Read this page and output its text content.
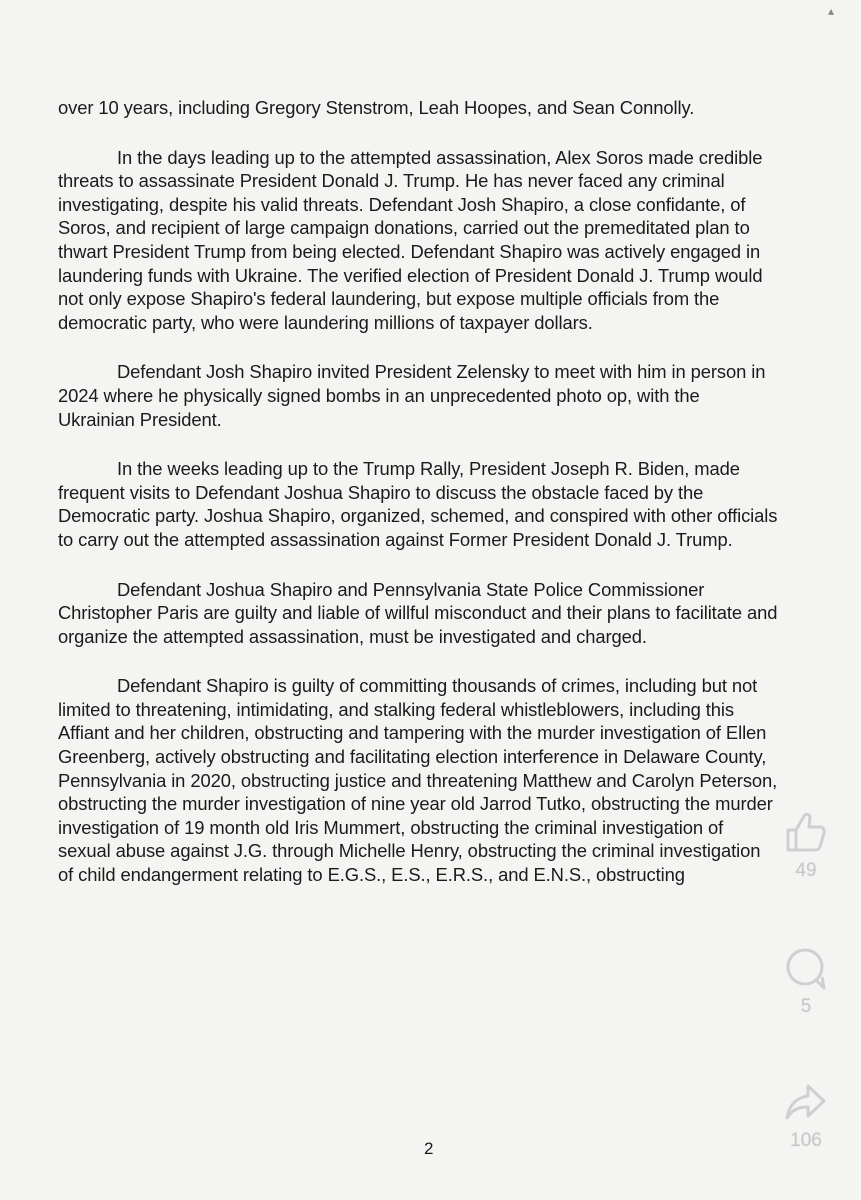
▴

over 10 years, including Gregory Stenstrom, Leah Hoopes, and Sean Connolly.

In the days leading up to the attempted assassination, Alex Soros made credible threats to assassinate President Donald J. Trump. He has never faced any criminal investigating, despite his valid threats. Defendant Josh Shapiro, a close confidante, of Soros, and recipient of large campaign donations, carried out the premeditated plan to thwart President Trump from being elected. Defendant Shapiro was actively engaged in laundering funds with Ukraine. The verified election of President Donald J. Trump would not only expose Shapiro's federal laundering, but expose multiple officials from the democratic party, who were laundering millions of taxpayer dollars.

Defendant Josh Shapiro invited President Zelensky to meet with him in person in 2024 where he physically signed bombs in an unprecedented photo op, with the Ukrainian President.

In the weeks leading up to the Trump Rally, President Joseph R. Biden, made frequent visits to Defendant Joshua Shapiro to discuss the obstacle faced by the Democratic party. Joshua Shapiro, organized, schemed, and conspired with other officials to carry out the attempted assassination against Former President Donald J. Trump.

Defendant Joshua Shapiro and Pennsylvania State Police Commissioner Christopher Paris are guilty and liable of willful misconduct and their plans to facilitate and organize the attempted assassination, must be investigated and charged.

Defendant Shapiro is guilty of committing thousands of crimes, including but not limited to threatening, intimidating, and stalking federal whistleblowers, including this Affiant and her children, obstructing and tampering with the murder investigation of Ellen Greenberg, actively obstructing and facilitating election interference in Delaware County, Pennsylvania in 2020, obstructing justice and threatening Matthew and Carolyn Peterson, obstructing the murder investigation of nine year old Jarrod Tutko, obstructing the murder investigation of 19 month old Iris Mummert, obstructing the criminal investigation of sexual abuse against J.G. through Michelle Henry, obstructing the criminal investigation of child endangerment relating to E.G.S., E.S., E.R.S., and E.N.S., obstructing

2
49
5
106
